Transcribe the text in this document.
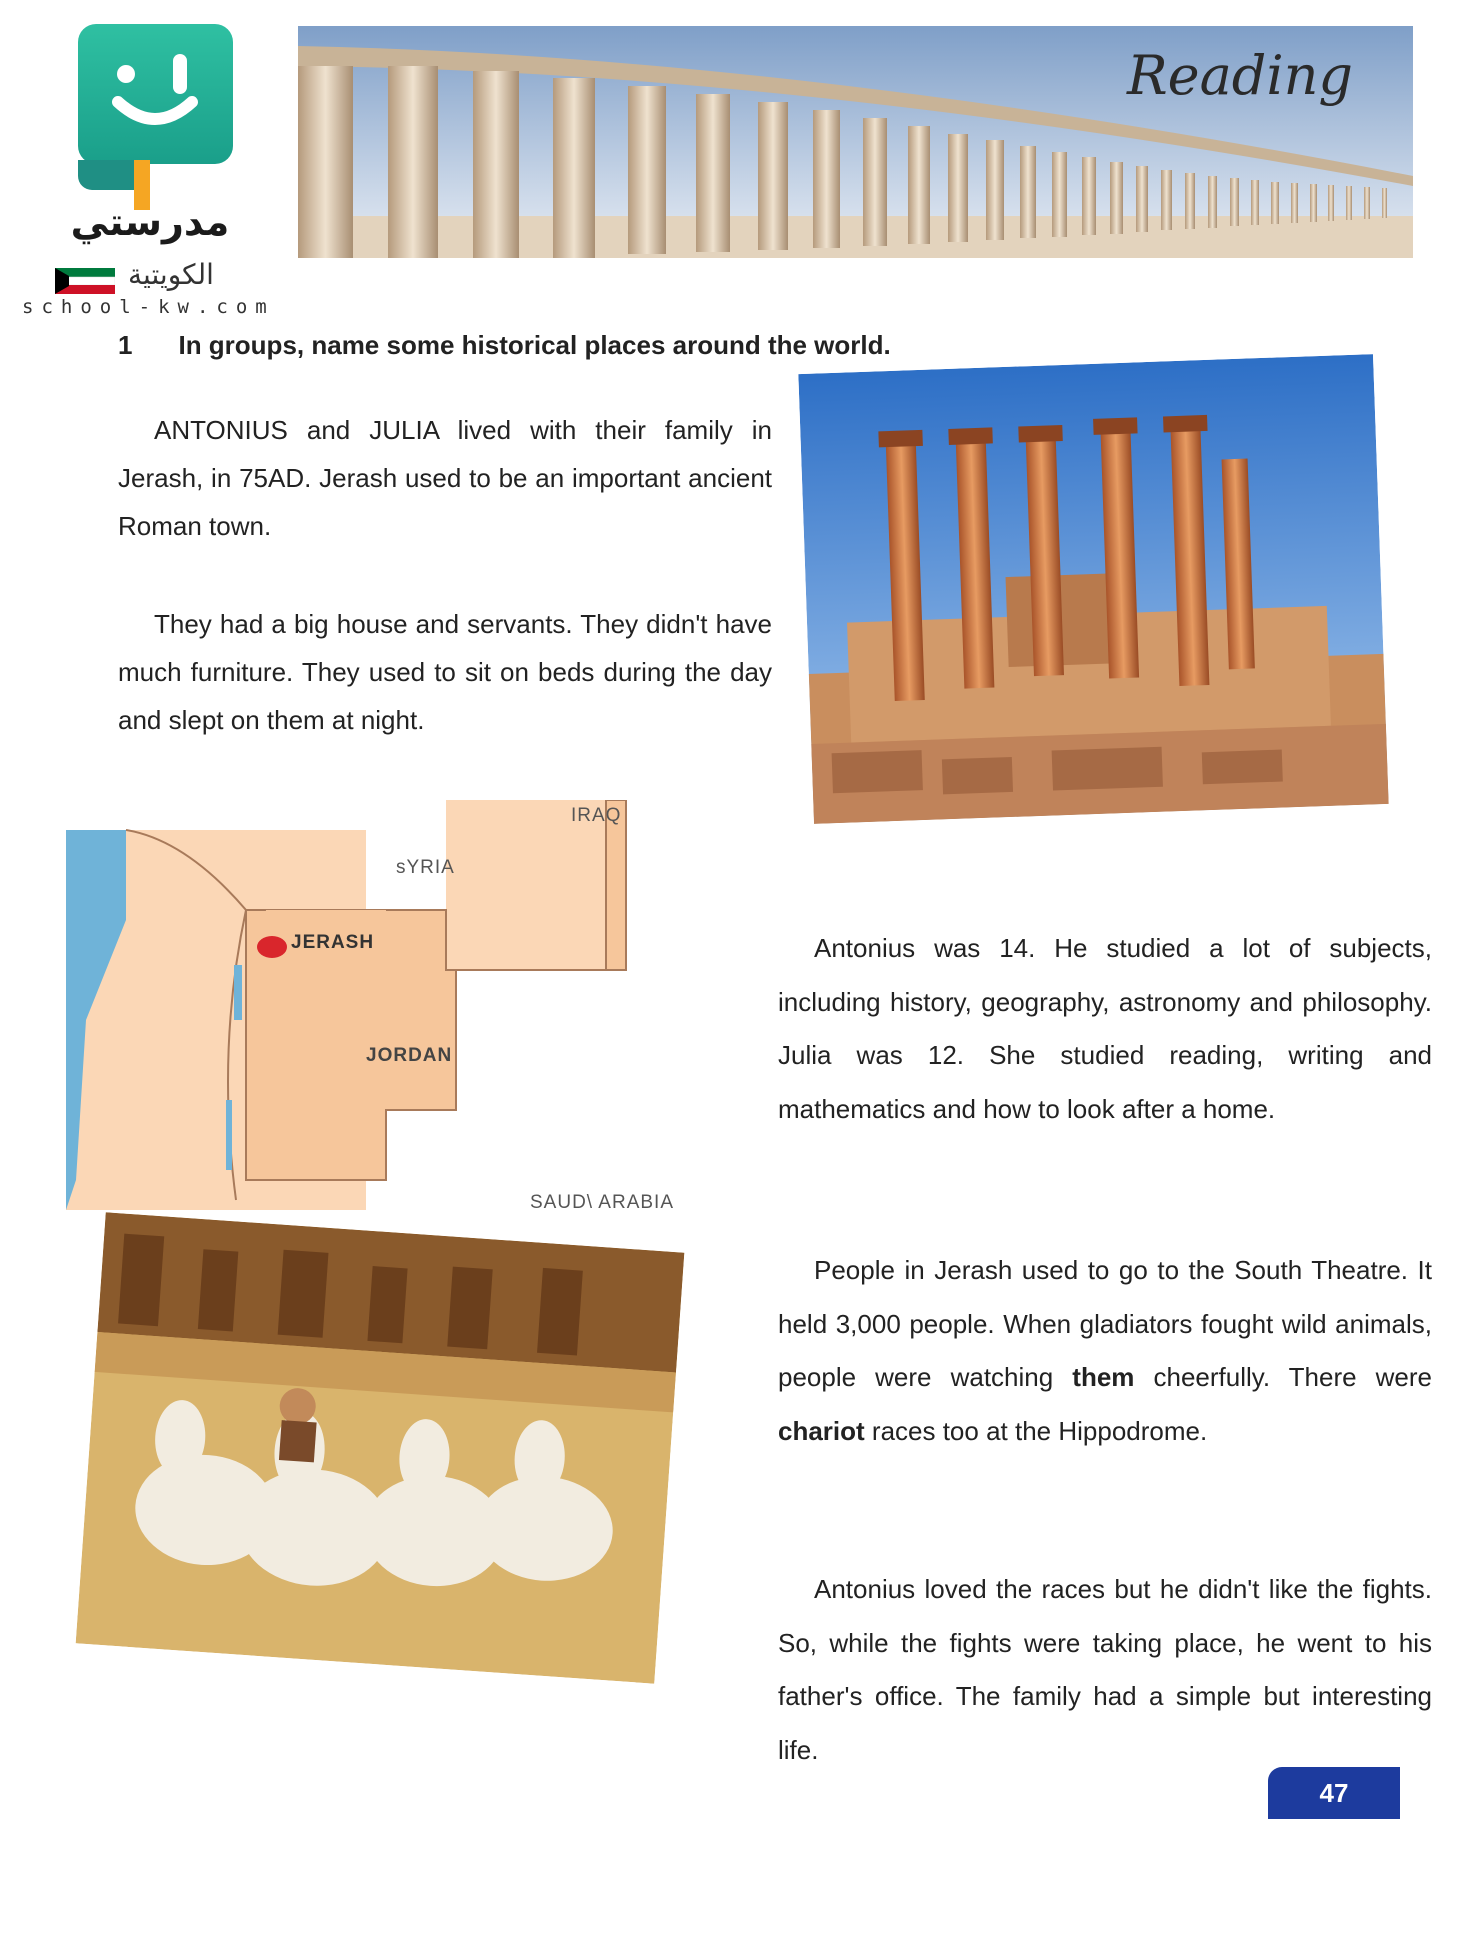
مدرستي
الكويتية
school-kw.com
Reading
1 In groups, name some historical places around the world.
ANTONIUS and JULIA lived with their family in Jerash, in 75AD. Jerash used to be an important ancient Roman town.
They had a big house and servants. They didn't have much furniture. They used to sit on beds during the day and slept on them at night.
Antonius was 14. He studied a lot of subjects, including history, geography, astronomy and philosophy. Julia was 12. She studied reading, writing and mathematics and how to look after a home.
People in Jerash used to go to the South Theatre. It held 3,000 people. When gladiators fought wild animals, people were watching them cheerfully. There were chariot races too at the Hippodrome.
Antonius loved the races but he didn't like the fights. So, while the fights were taking place, he went to his father's office. The family had a simple but interesting life.
IRAQ
sYRIA
JERASH
JORDAN
SAUD\ ARABIA
47
